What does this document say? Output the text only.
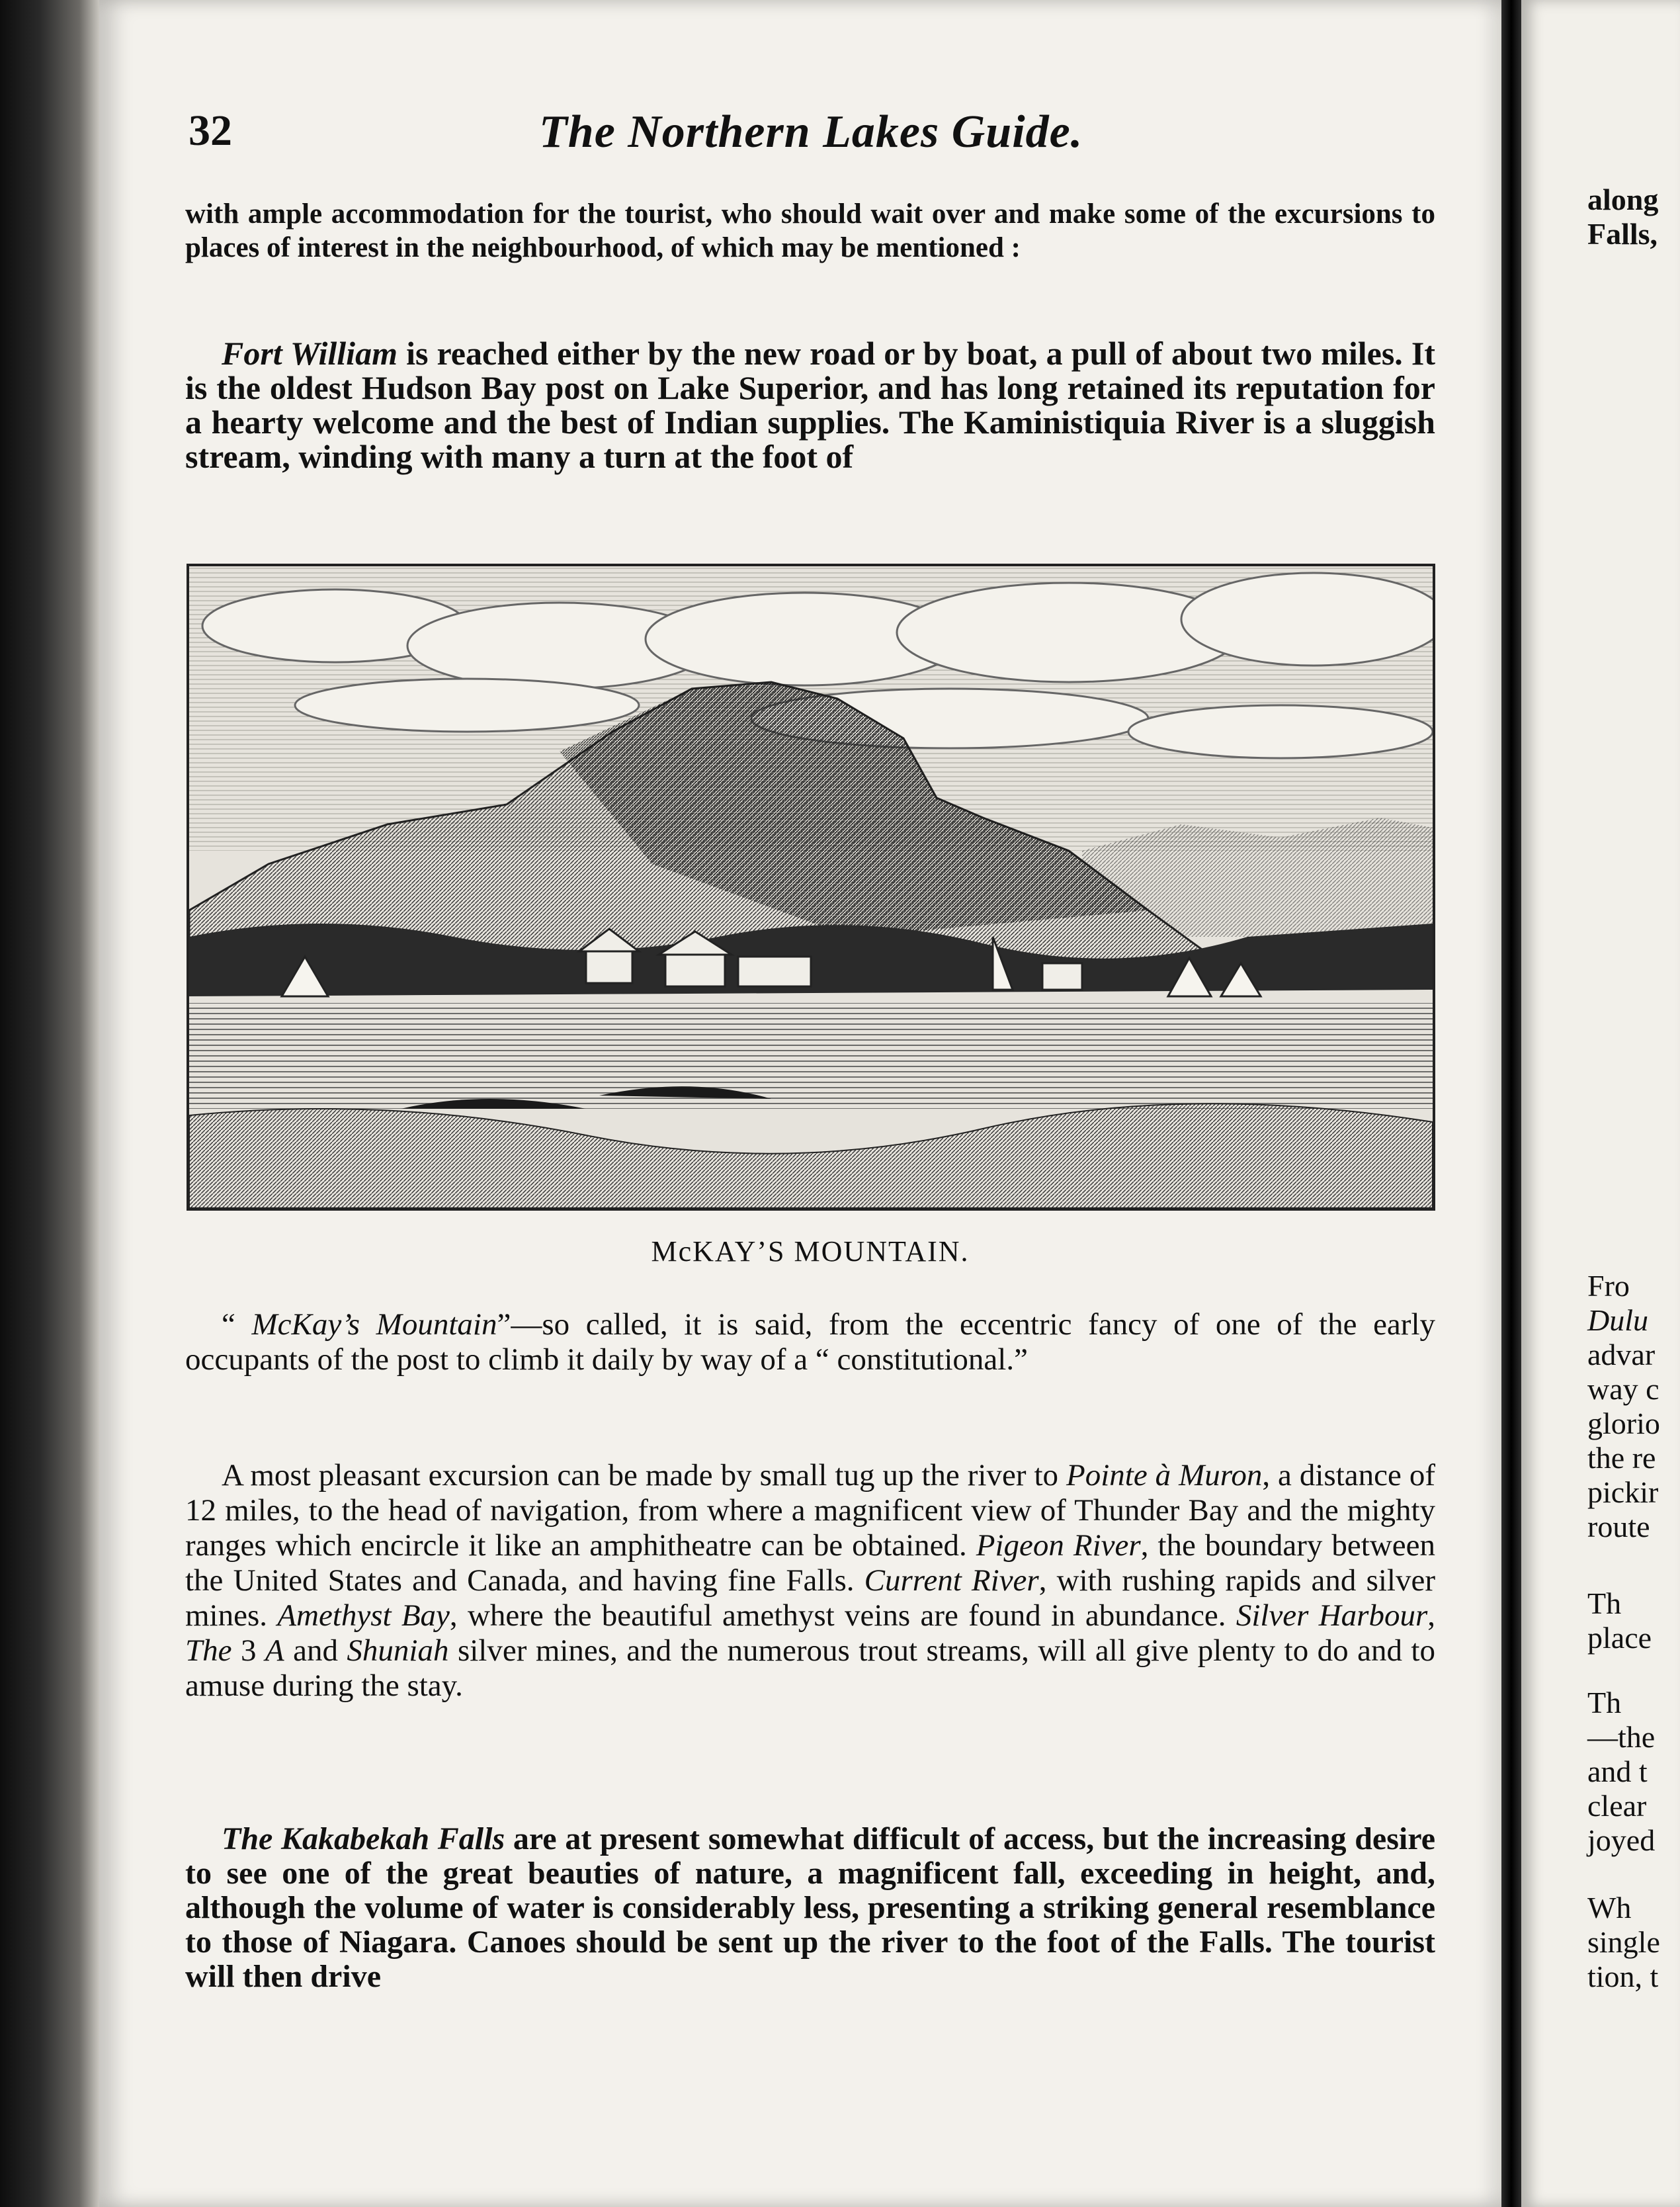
32	The Northern Lakes Guide.

with ample accommodation for the tourist, who should wait over and make some of the excursions to places of interest in the neighbourhood, of which may be mentioned :

Fort William is reached either by the new road or by boat, a pull of about two miles. It is the oldest Hudson Bay post on Lake Superior, and has long retained its reputation for a hearty welcome and the best of Indian supplies. The Kaministiquia River is a sluggish stream, winding with many a turn at the foot of

McKAY’S MOUNTAIN.

“ McKay’s Mountain”—so called, it is said, from the eccentric fancy of one of the early occupants of the post to climb it daily by way of a “ constitutional.”

A most pleasant excursion can be made by small tug up the river to Pointe à Muron, a distance of 12 miles, to the head of navigation, from where a magnificent view of Thunder Bay and the mighty ranges which encircle it like an amphitheatre can be obtained. Pigeon River, the boundary between the United States and Canada, and having fine Falls. Current River, with rushing rapids and silver mines. Amethyst Bay, where the beautiful amethyst veins are found in abundance. Silver Harbour, The 3 A and Shuniah silver mines, and the numerous trout streams, will all give plenty to do and to amuse during the stay.

The Kakabekah Falls are at present somewhat difficult of access, but the increasing desire to see one of the great beauties of nature, a magnificent fall, exceeding in height, and, although the volume of water is considerably less, presenting a striking general resemblance to those of Niagara. Canoes should be sent up the river to the foot of the Falls. The tourist will then drive

along
Falls,
Fro
Dulu
advar
way c
glorio
the re
pickir
route
Th
place
Th
—the
and t
clear
joyed
Wh
single
tion, t
